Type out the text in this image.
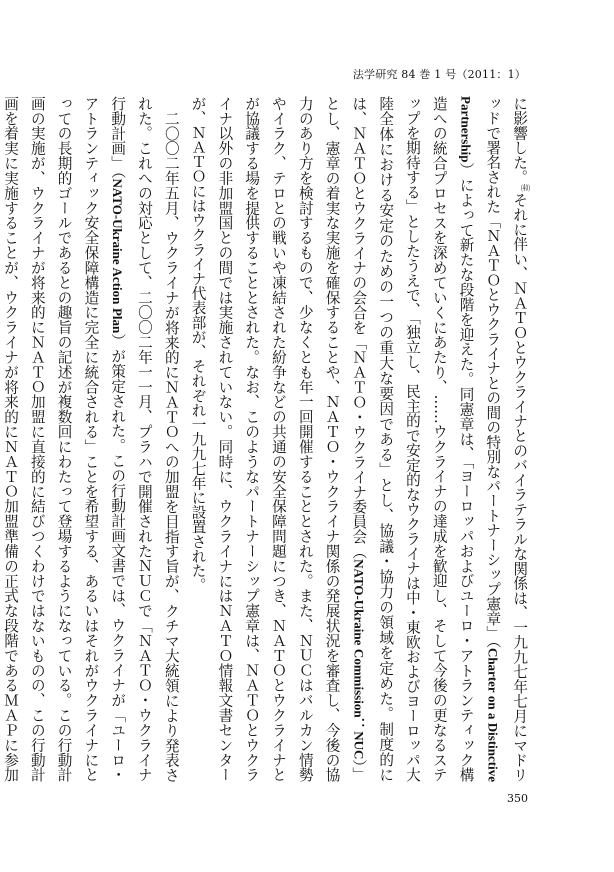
法学研究 84 巻 1 号（2011：1）

に影響した。$^{(40)}$それに伴い、ＮＡＴＯとウクライナとのバイラテラルな関係は、一九九七年七月にマドリッドで署名された「ＮＡＴＯとウクライナとの間の特別なパートナーシップ憲章」（Charter on a Distinctive Partnership）によって新たな段階を迎えた。同憲章は、「ヨーロッパおよびユーロ・アトランティック構造への統合プロセスを深めていくにあたり、……ウクライナの達成を歓迎し、そして今後の更なるステップを期待する」としたうえで、「独立し、民主的で安定的なウクライナは中・東欧およびヨーロッパ大陸全体における安定のための一つの重大な要因である」とし、協議・協力の領域を定めた。制度的には、ＮＡＴＯとウクライナの会合を「ＮＡＴＯ・ウクライナ委員会（NATO-Ukraine Commission：NUC）」とし、憲章の着実な実施を確保することや、ＮＡＴＯ・ウクライナ関係の発展状況を審査し、今後の協力のあり方を検討するもので、少なくとも年一回開催することとされた。また、ＮＵＣはバルカン情勢やイラク、テロとの戦いや凍結された紛争などの共通の安全保障問題につき、ＮＡＴＯとウクライナとが協議する場を提供することとされた。なお、このようなパートナーシップ憲章は、ＮＡＴＯとウクライナ以外の非加盟国との間では実施されていない。同時に、ウクライナにはＮＡＴＯ情報文書センターが、ＮＡＴＯにはウクライナ代表部が、それぞれ一九九七年に設置された。

二〇〇二年五月、ウクライナが将来的にＮＡＴＯへの加盟を目指す旨が、クチマ大統領により発表された。これへの対応として、二〇〇二年一一月、プラハで開催されたＮＵＣで「ＮＡＴＯ・ウクライナ行動計画」（NATO-Ukraine Action Plan）が策定された。この行動計画文書では、ウクライナが「ユーロ・アトランティック安全保障構造に完全に統合される」ことを希望する、あるいはそれがウクライナにとっての長期的ゴールであるとの趣旨の記述が複数回にわたって登場するようになっている。この行動計画の実施が、ウクライナが将来的にＮＡＴＯ加盟に直接的に結びつくわけではないものの、この行動計画を着実に実施することが、ウクライナが将来的にＮＡＴＯ加盟準備の正式な段階であるＭＡＰに参加

350
